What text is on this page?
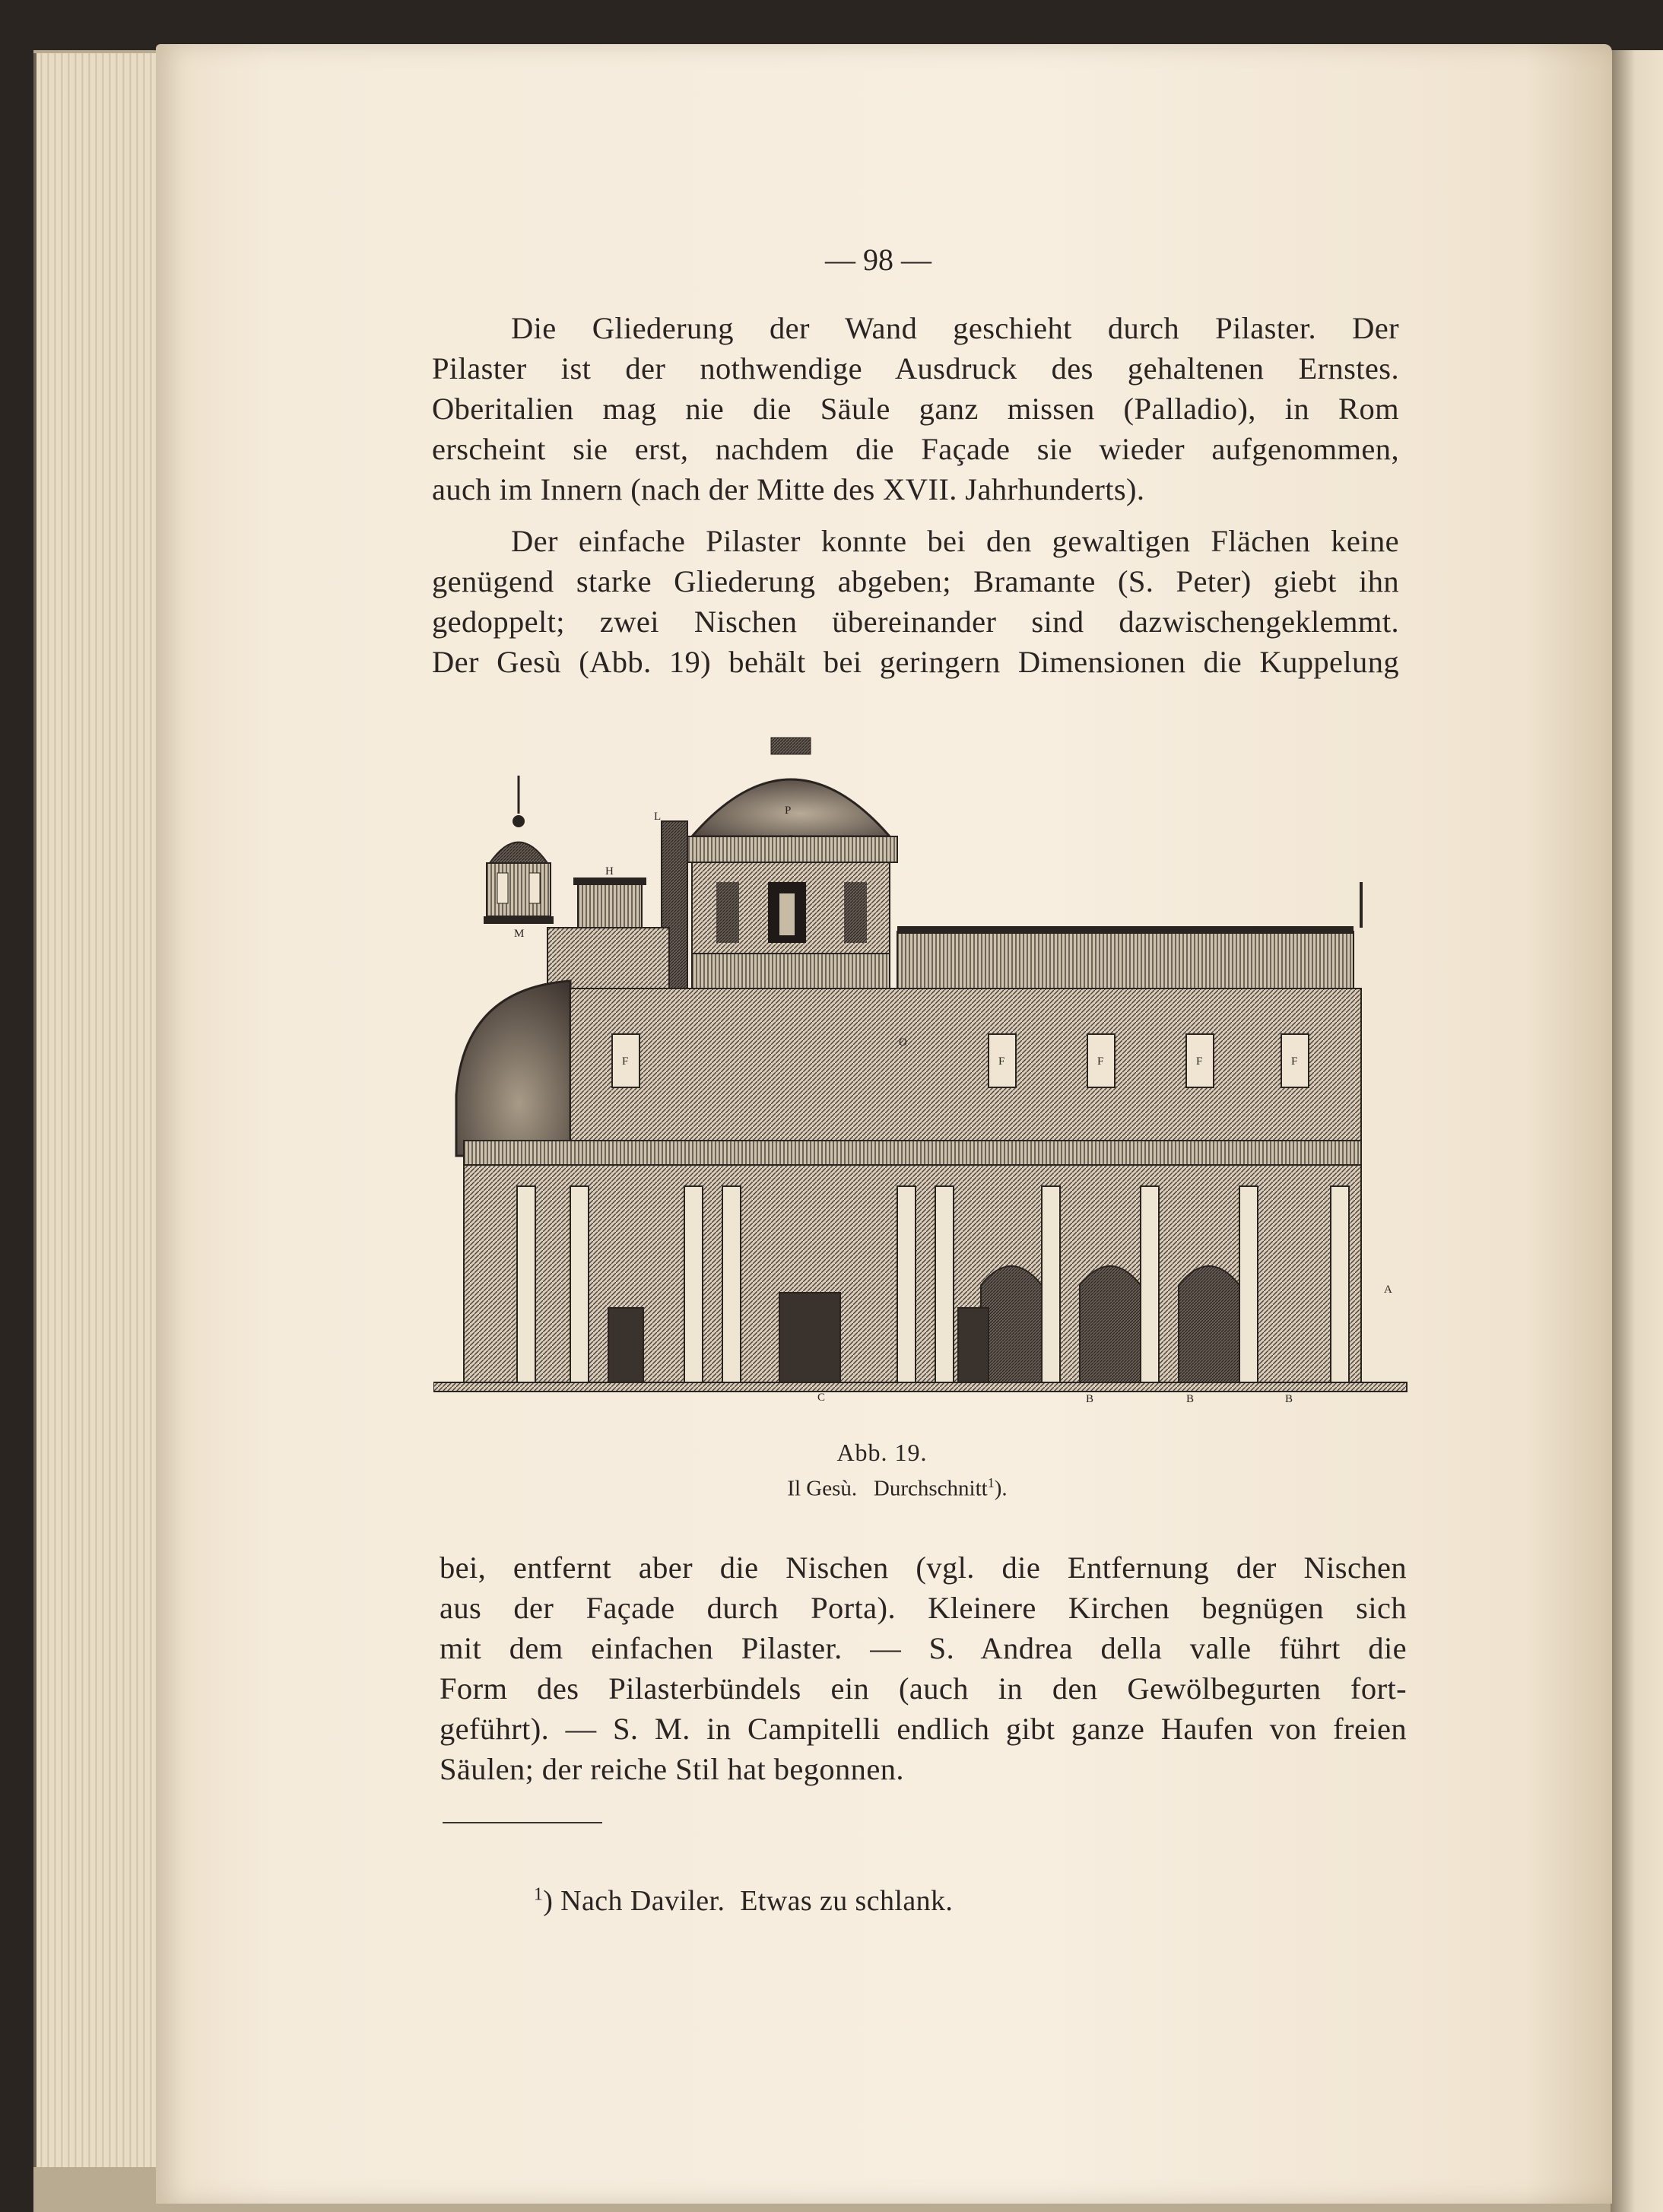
— 98 —
Die Gliederung der Wand geschieht durch Pilaster. Der
Pilaster ist der nothwendige Ausdruck des gehaltenen Ernstes.
Oberitalien mag nie die Säule ganz missen (Palladio), in Rom
erscheint sie erst, nachdem die Façade sie wieder aufgenommen,
auch im Innern (nach der Mitte des XVII. Jahrhunderts).
Der einfache Pilaster konnte bei den gewaltigen Flächen keine
genügend starke Gliederung abgeben; Bramante (S. Peter) giebt ihn
gedoppelt; zwei Nischen übereinander sind dazwischengeklemmt.
Der Gesù (Abb. 19) behält bei geringern Dimensionen die Kuppelung
P
L
H
M
F	F	F	F	F
O
A
C	B	B	B
Abb. 19.
Il Gesù.   Durchschnitt$^1$).
bei, entfernt aber die Nischen (vgl. die Entfernung der Nischen
aus der Façade durch Porta). Kleinere Kirchen begnügen sich
mit dem einfachen Pilaster. — S. Andrea della valle führt die
Form des Pilasterbündels ein (auch in den Gewölbegurten fort-
geführt). — S. M. in Campitelli endlich gibt ganze Haufen von freien
Säulen; der reiche Stil hat begonnen.

$^1$) Nach Daviler.  Etwas zu schlank.
